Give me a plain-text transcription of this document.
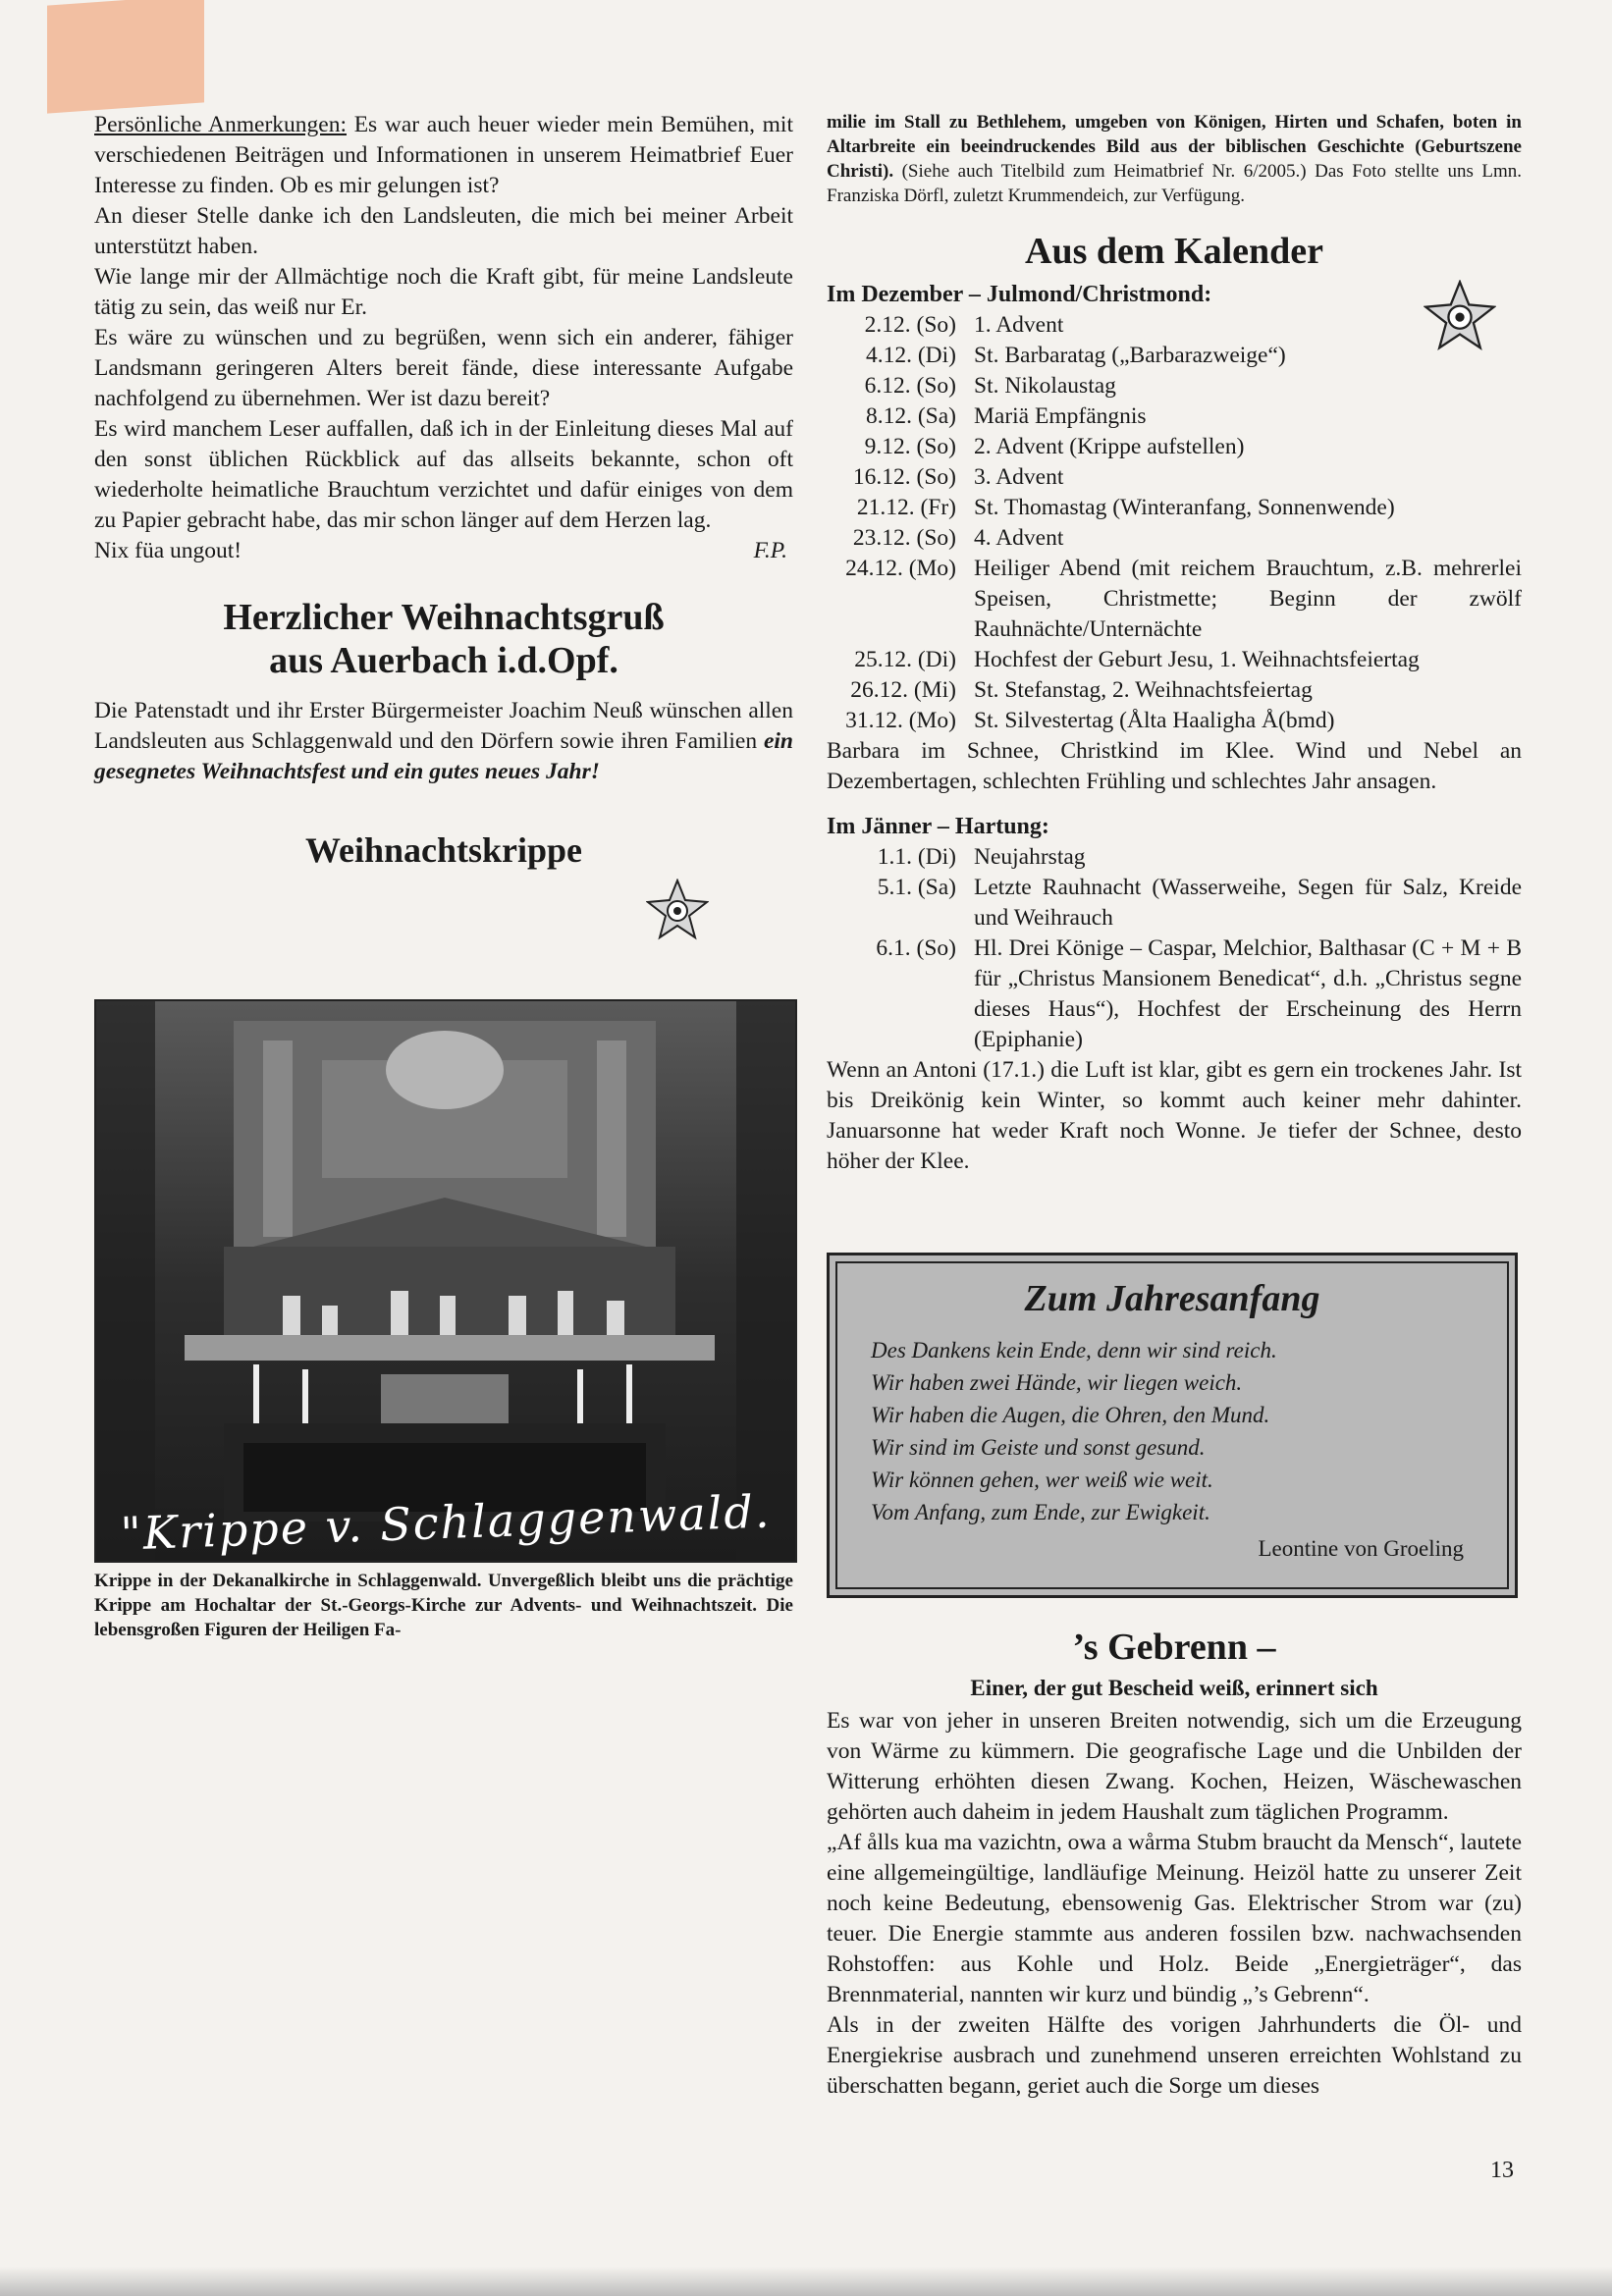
Persönliche Anmerkungen: Es war auch heuer wieder mein Bemühen, mit verschiedenen Beiträgen und Informationen in unserem Heimatbrief Euer Interesse zu finden. Ob es mir gelungen ist?

An dieser Stelle danke ich den Landsleuten, die mich bei meiner Arbeit unterstützt haben.

Wie lange mir der Allmächtige noch die Kraft gibt, für meine Landsleute tätig zu sein, das weiß nur Er.

Es wäre zu wünschen und zu begrüßen, wenn sich ein anderer, fähiger Landsmann geringeren Alters bereit fände, diese interessante Aufgabe nachfolgend zu übernehmen. Wer ist dazu bereit?

Es wird manchem Leser auffallen, daß ich in der Einleitung dieses Mal auf den sonst üblichen Rückblick auf das allseits bekannte, schon oft wiederholte heimatliche Brauchtum verzichtet und dafür einiges von dem zu Papier gebracht habe, das mir schon länger auf dem Herzen lag.

Nix füa ungout!	F.P.
Herzlicher Weihnachtsgruß
aus Auerbach i.d.Opf.

Die Patenstadt und ihr Erster Bürgermeister Joachim Neuß wünschen allen Landsleuten aus Schlaggenwald und den Dörfern sowie ihren Familien ein gesegnetes Weihnachtsfest und ein gutes neues Jahr!

Weihnachtskrippe
"Krippe v. Schlaggenwald.

Krippe in der Dekanalkirche in Schlaggenwald. Unvergeßlich bleibt uns die prächtige Krippe am Hochaltar der St.-Georgs-Kirche zur Advents- und Weihnachtszeit. Die lebensgroßen Figuren der Heiligen Fa-

milie im Stall zu Bethlehem, umgeben von Königen, Hirten und Schafen, boten in Altarbreite ein beeindruckendes Bild aus der biblischen Geschichte (Geburtszene Christi). (Siehe auch Titelbild zum Heimatbrief Nr. 6/2005.) Das Foto stellte uns Lmn. Franziska Dörfl, zuletzt Krummendeich, zur Verfügung.

Aus dem Kalender
Im Dezember – Julmond/Christmond:
2.12. (So) 1. Advent
4.12. (Di) St. Barbaratag („Barbarazweige“)
6.12. (So) St. Nikolaustag
8.12. (Sa) Mariä Empfängnis
9.12. (So) 2. Advent (Krippe aufstellen)
16.12. (So) 3. Advent
21.12. (Fr) St. Thomastag (Winteranfang, Sonnenwende)
23.12. (So) 4. Advent
24.12. (Mo) Heiliger Abend (mit reichem Brauchtum, z.B. mehrerlei Speisen, Christmette; Beginn der zwölf Rauhnächte/Unternächte
25.12. (Di) Hochfest der Geburt Jesu, 1. Weihnachtsfeiertag
26.12. (Mi) St. Stefanstag, 2. Weihnachtsfeiertag
31.12. (Mo) St. Silvestertag (Ålta Haaligha Å(bmd)

Barbara im Schnee, Christkind im Klee. Wind und Nebel an Dezembertagen, schlechten Frühling und schlechtes Jahr ansagen.

Im Jänner – Hartung:
1.1. (Di) Neujahrstag
5.1. (Sa) Letzte Rauhnacht (Wasserweihe, Segen für Salz, Kreide und Weihrauch
6.1. (So) Hl. Drei Könige – Caspar, Melchior, Balthasar (C + M + B für „Christus Mansionem Benedicat“, d.h. „Christus segne dieses Haus“), Hochfest der Erscheinung des Herrn (Epiphanie)

Wenn an Antoni (17.1.) die Luft ist klar, gibt es gern ein trockenes Jahr. Ist bis Dreikönig kein Winter, so kommt auch keiner mehr dahinter. Januarsonne hat weder Kraft noch Wonne. Je tiefer der Schnee, desto höher der Klee.

Zum Jahresanfang
Des Dankens kein Ende, denn wir sind reich.
Wir haben zwei Hände, wir liegen weich.
Wir haben die Augen, die Ohren, den Mund.
Wir sind im Geiste und sonst gesund.
Wir können gehen, wer weiß wie weit.
Vom Anfang, zum Ende, zur Ewigkeit.
Leontine von Groeling
’s Gebrenn –
Einer, der gut Bescheid weiß, erinnert sich

Es war von jeher in unseren Breiten notwendig, sich um die Erzeugung von Wärme zu kümmern. Die geografische Lage und die Unbilden der Witterung erhöhten diesen Zwang. Kochen, Heizen, Wäschewaschen gehörten auch daheim in jedem Haushalt zum täglichen Programm.

„Af ålls kua ma vazichtn, owa a wårma Stubm braucht da Mensch“, lautete eine allgemeingültige, landläufige Meinung. Heizöl hatte zu unserer Zeit noch keine Bedeutung, ebensowenig Gas. Elektrischer Strom war (zu) teuer. Die Energie stammte aus anderen fossilen bzw. nachwachsenden Rohstoffen: aus Kohle und Holz. Beide „Energieträger“, das Brennmaterial, nannten wir kurz und bündig „’s Gebrenn“.

Als in der zweiten Hälfte des vorigen Jahrhunderts die Öl- und Energiekrise ausbrach und zunehmend unseren erreichten Wohlstand zu überschatten begann, geriet auch die Sorge um dieses

13
